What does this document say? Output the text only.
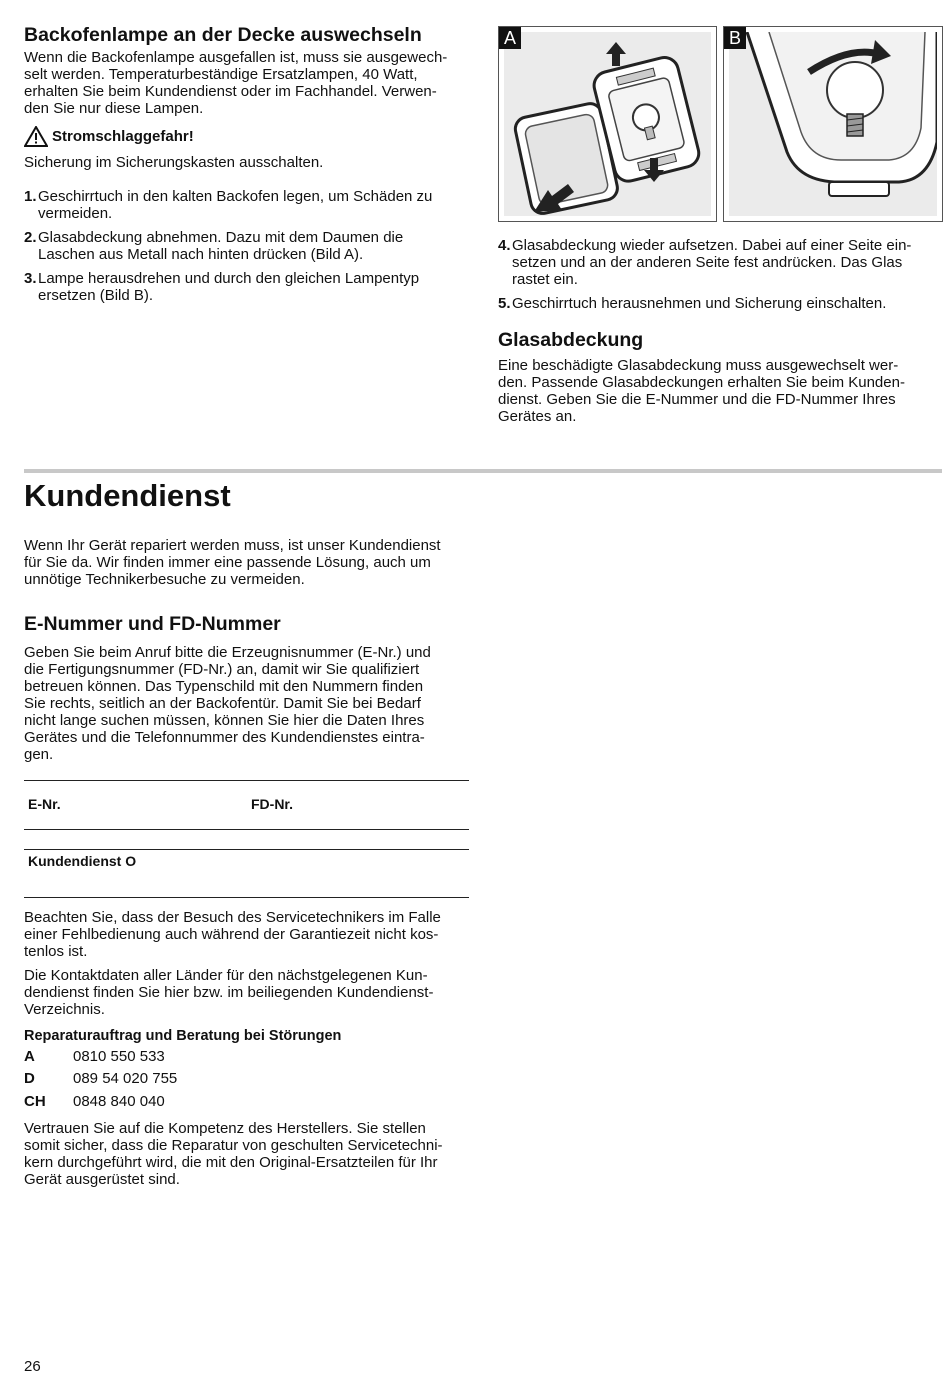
Backofenlampe an der Decke auswechseln

Wenn die Backofenlampe ausgefallen ist, muss sie ausgewech-

selt werden. Temperaturbeständige Ersatzlampen, 40 Watt,

erhalten Sie beim Kundendienst oder im Fachhandel. Verwen-

den Sie nur diese Lampen.

Stromschlaggefahr!

Sicherung im Sicherungskasten ausschalten.

1. Geschirrtuch in den kalten Backofen legen, um Schäden zu
vermeiden.
2. Glasabdeckung abnehmen. Dazu mit dem Daumen die
Laschen aus Metall nach hinten drücken (Bild A).
3. Lampe herausdrehen und durch den gleichen Lampentyp
ersetzen (Bild B).
A	B
4. Glasabdeckung wieder aufsetzen. Dabei auf einer Seite ein-
setzen und an der anderen Seite fest andrücken. Das Glas
rastet ein.
5. Geschirrtuch herausnehmen und Sicherung einschalten.
Glasabdeckung

Eine beschädigte Glasabdeckung muss ausgewechselt wer-

den. Passende Glasabdeckungen erhalten Sie beim Kunden-

dienst. Geben Sie die E-Nummer und die FD-Nummer Ihres

Gerätes an.

Kundendienst

Wenn Ihr Gerät repariert werden muss, ist unser Kundendienst

für Sie da. Wir finden immer eine passende Lösung, auch um

unnötige Technikerbesuche zu vermeiden.

E-Nummer und FD-Nummer

Geben Sie beim Anruf bitte die Erzeugnisnummer (E-Nr.) und

die Fertigungsnummer (FD-Nr.) an, damit wir Sie qualifiziert

betreuen können. Das Typenschild mit den Nummern finden

Sie rechts, seitlich an der Backofentür. Damit Sie bei Bedarf

nicht lange suchen müssen, können Sie hier die Daten Ihres

Gerätes und die Telefonnummer des Kundendienstes eintra-

gen.

E-Nr.	FD-Nr.
Kundendienst O

Beachten Sie, dass der Besuch des Servicetechnikers im Falle

einer Fehlbedienung auch während der Garantiezeit nicht kos-

tenlos ist.

Die Kontaktdaten aller Länder für den nächstgelegenen Kun-

dendienst finden Sie hier bzw. im beiliegenden Kundendienst-

Verzeichnis.

Reparaturauftrag und Beratung bei Störungen
A	0810 550 533
D	089 54 020 755
CH 0848 840 040

Vertrauen Sie auf die Kompetenz des Herstellers. Sie stellen

somit sicher, dass die Reparatur von geschulten Servicetechni-

kern durchgeführt wird, die mit den Original-Ersatzteilen für Ihr

Gerät ausgerüstet sind.

26
